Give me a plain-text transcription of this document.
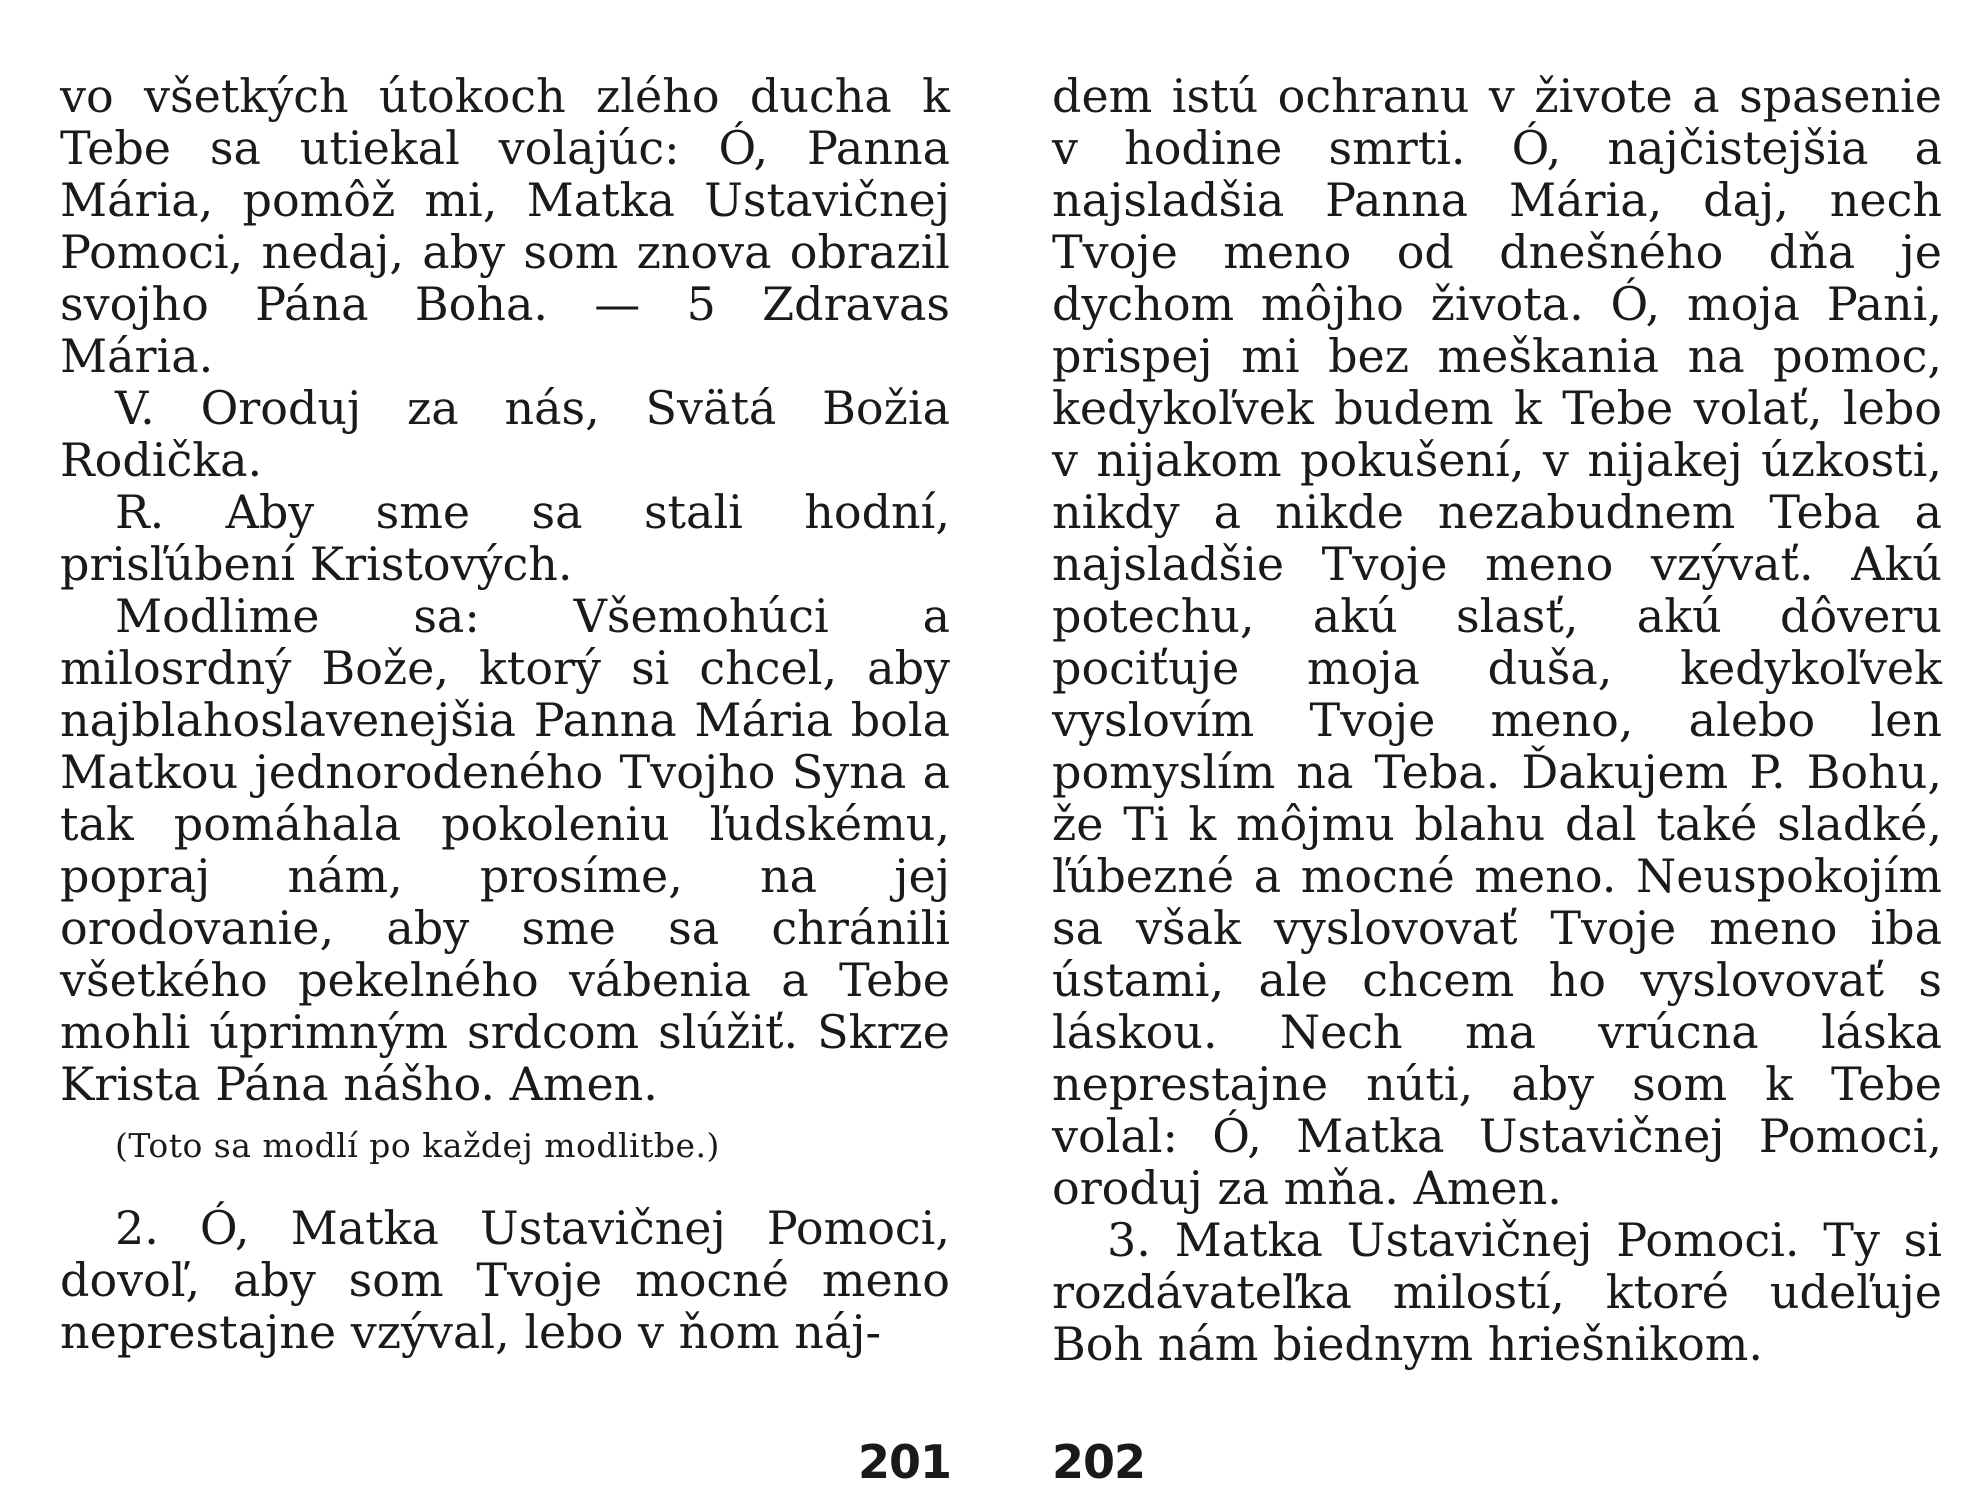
vo všetkých útokoch zlého ducha k Tebe sa utiekal volajúc: Ó, Panna Mária, pomôž mi, Matka Ustavičnej Pomoci, nedaj, aby som znova obrazil svojho Pána Boha. — 5 Zdravas Mária.

V. Oroduj za nás, Svätá Božia Rodička.

R. Aby sme sa stali hodní, prisľúbení Kristových.

Modlime sa: Všemohúci a milosrdný Bože, ktorý si chcel, aby najblahoslavenejšia Panna Mária bola Matkou jednorodeného Tvojho Syna a tak pomáhala pokoleniu ľudskému, popraj nám, prosíme, na jej orodovanie, aby sme sa chránili všetkého pekelného vábenia a Tebe mohli úprimným srdcom slúžiť. Skrze Krista Pána nášho. Amen.

(Toto sa modlí po každej modlitbe.)

2. Ó, Matka Ustavičnej Pomoci, dovoľ, aby som Tvoje mocné meno neprestajne vzýval, lebo v ňom náj-

dem istú ochranu v živote a spasenie v hodine smrti. Ó, najčistejšia a najsladšia Panna Mária, daj, nech Tvoje meno od dnešného dňa je dychom môjho života. Ó, moja Pani, prispej mi bez meškania na pomoc, kedykoľvek budem k Tebe volať, lebo v nijakom pokušení, v nijakej úzkosti, nikdy a nikde nezabudnem Teba a najsladšie Tvoje meno vzývať. Akú potechu, akú slasť, akú dôveru pociťuje moja duša, kedykoľvek vyslovím Tvoje meno, alebo len pomyslím na Teba. Ďakujem P. Bohu, že Ti k môjmu blahu dal také sladké, ľúbezné a mocné meno. Neuspokojím sa však vyslovovať Tvoje meno iba ústami, ale chcem ho vyslovovať s láskou. Nech ma vrúcna láska neprestajne núti, aby som k Tebe volal: Ó, Matka Ustavičnej Pomoci, oroduj za mňa. Amen.

3. Matka Ustavičnej Pomoci. Ty si rozdávateľka milostí, ktoré udeľuje Boh nám biednym hriešnikom.

201 202
